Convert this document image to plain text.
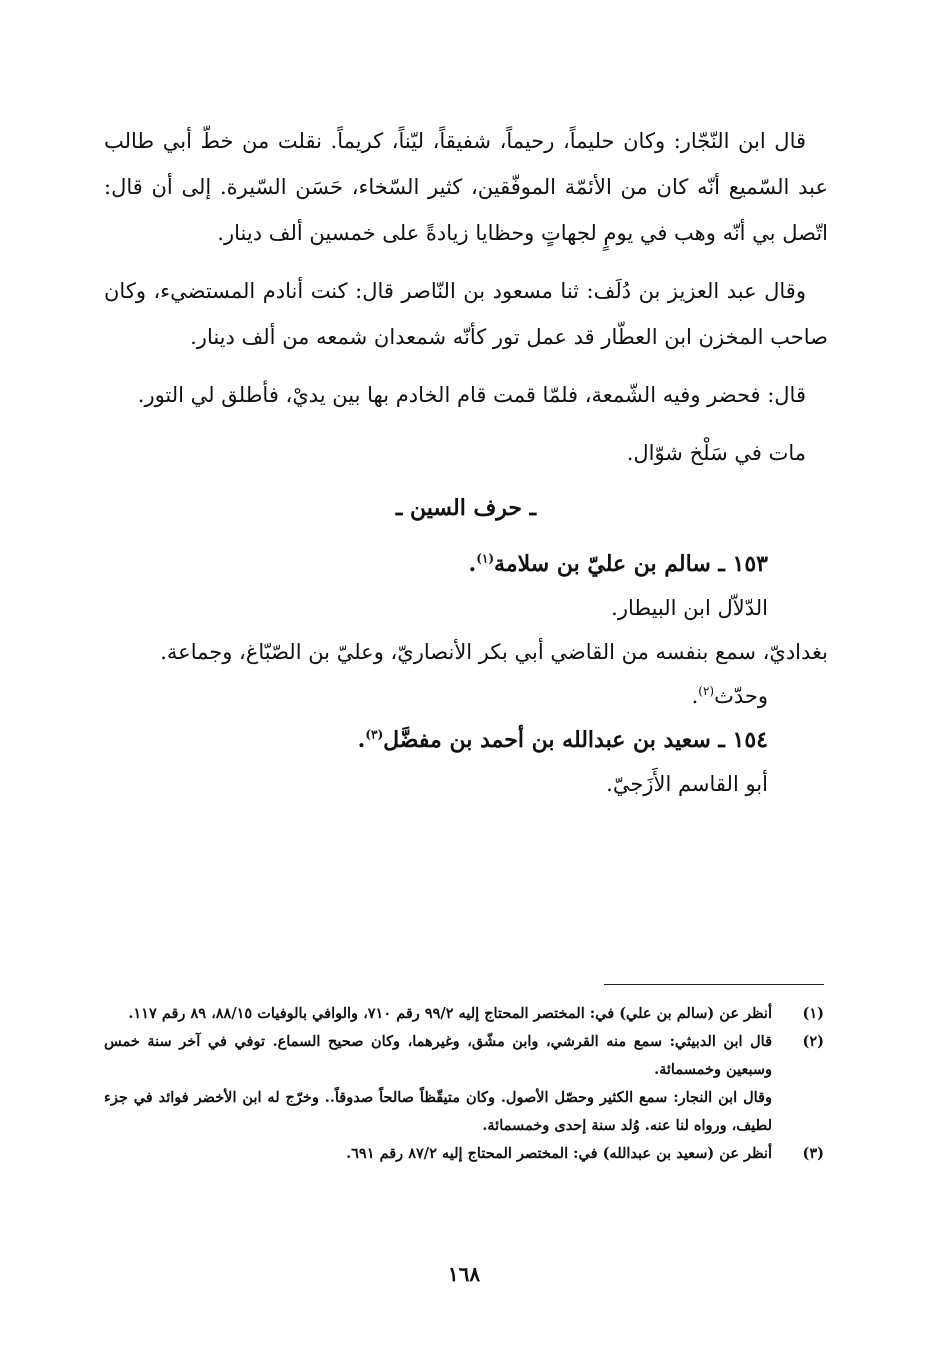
قال ابن النّجّار: وكان حليماً، رحيماً، شفيقاً، ليّناً، كريماً. نقلت من خطّ أبي طالب عبد السّميع أنّه كان من الأئمّة الموفّقين، كثير السّخاء، حَسَن السّيرة. إلى أن قال: اتّصل بي أنّه وهب في يومٍ لجهاتٍ وحظايا زيادةً على خمسين ألف دينار.

وقال عبد العزيز بن دُلَف: ثنا مسعود بن النّاصر قال: كنت أنادم المستضيء، وكان صاحب المخزن ابن العطّار قد عمل تور كأنّه شمعدان شمعه من ألف دينار.

قال: فحضر وفيه الشّمعة، فلمّا قمت قام الخادم بها بين يديْ، فأطلق لي التور.

مات في سَلْخ شوّال.

ـ حرف السين ـ
١٥٣ ـ سالم بن عليّ بن سلامة$^{(١)}$.
الدّلاّل ابن البيطار.
بغداديّ، سمع بنفسه من القاضي أبي بكر الأنصاريّ، وعليّ بن الصّبّاغ، وجماعة.
وحدّث$^{(٢)}$.
١٥٤ ـ سعيد بن عبدالله بن أحمد بن مفضَّل$^{(٣)}$.
أبو القاسم الأَزَجيّ.
(١)
أنظر عن (سالم بن علي) في: المختصر المحتاج إليه ٩٩/٢ رقم ٧١٠، والوافي بالوفيات ٨٨/١٥، ٨٩ رقم ١١٧.
(٢)
قال ابن الدبيثي: سمع منه القرشي، وابن مشّق، وغيرهما، وكان صحيح السماع. توفي في آخر سنة خمس وسبعين وخمسمائة.
وقال ابن النجار: سمع الكثير وحصّل الأصول. وكان متيقّظاً صالحاً صدوقاً.. وخرّج له ابن الأخضر فوائد في جزء لطيف، ورواه لنا عنه. وُلد سنة إحدى وخمسمائة.
(٣)
أنظر عن (سعيد بن عبدالله) في: المختصر المحتاج إليه ٨٧/٢ رقم ٦٩١.
١٦٨
